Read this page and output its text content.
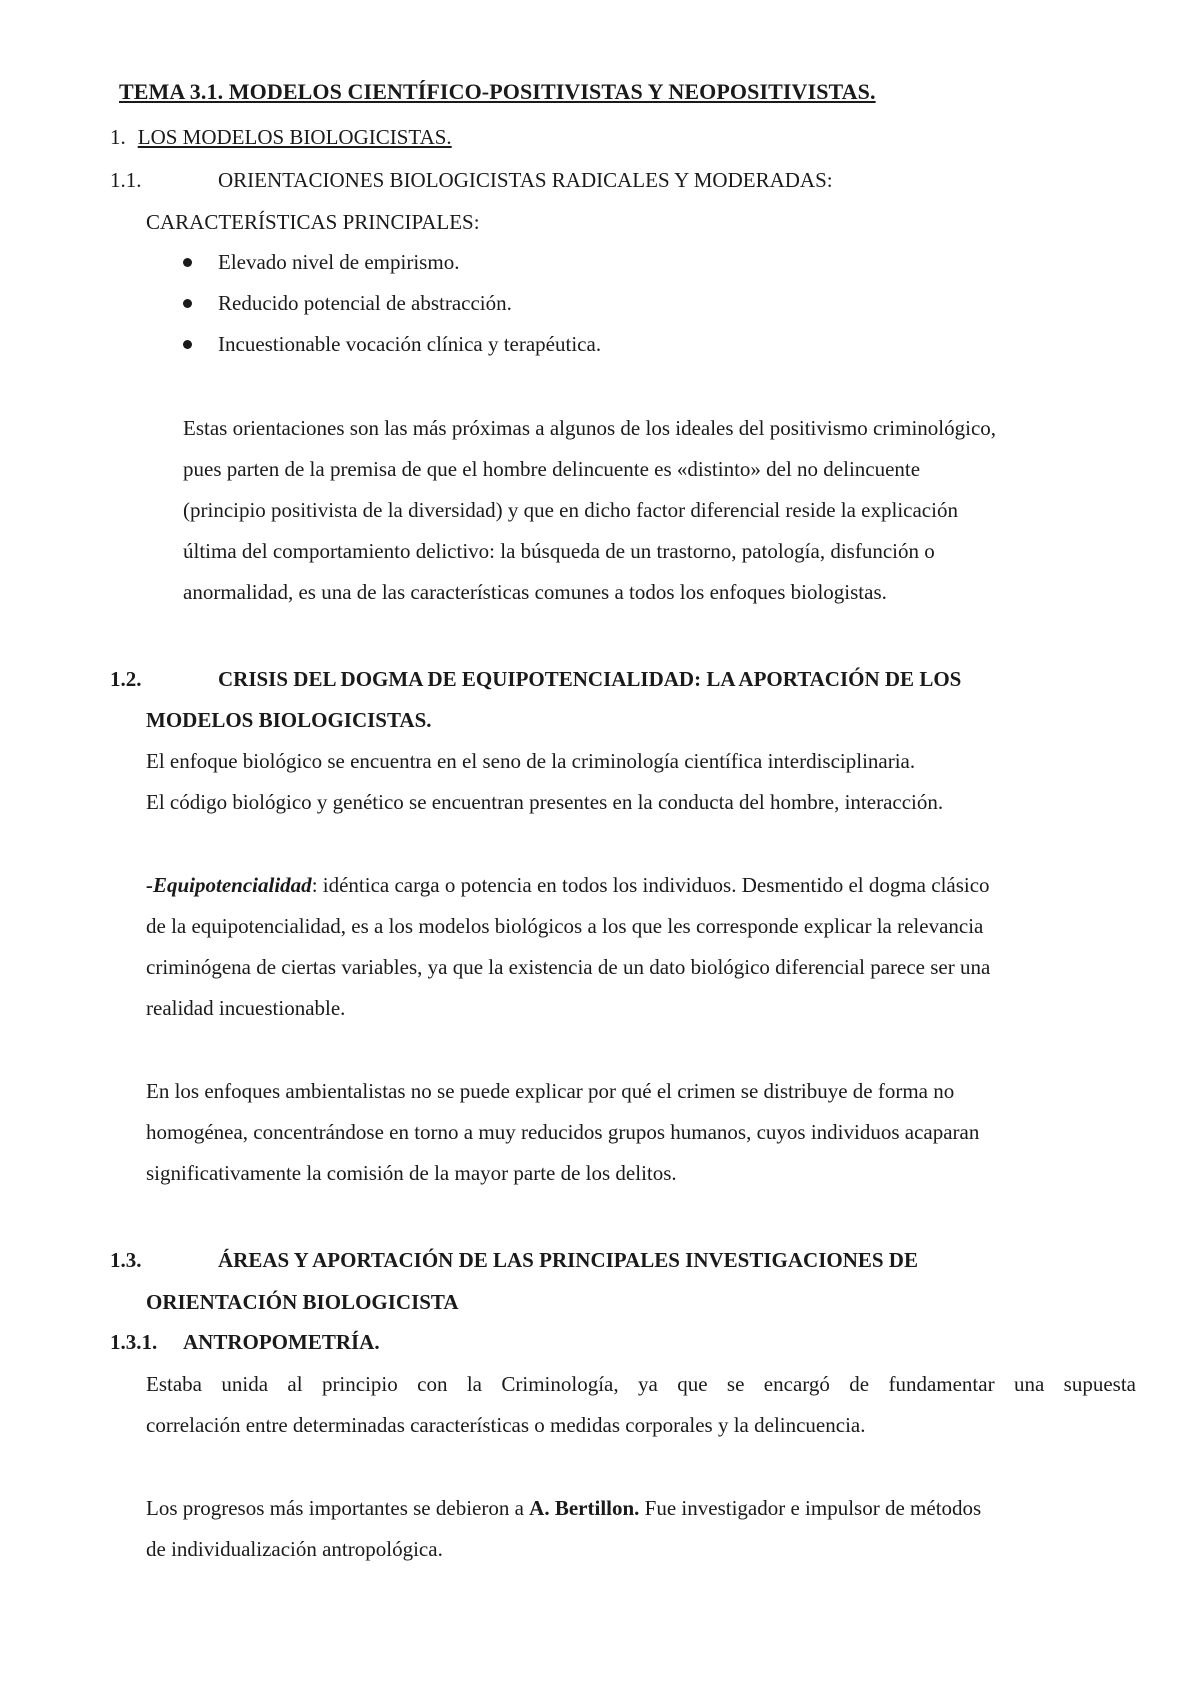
TEMA 3.1. MODELOS CIENTÍFICO-POSITIVISTAS Y NEOPOSITIVISTAS.
1. LOS MODELOS BIOLOGICISTAS.
1.1.	ORIENTACIONES BIOLOGICISTAS RADICALES Y MODERADAS:
CARACTERÍSTICAS PRINCIPALES:
Elevado nivel de empirismo.
Reducido potencial de abstracción.
Incuestionable vocación clínica y terapéutica.
Estas orientaciones son las más próximas a algunos de los ideales del positivismo criminológico,
pues parten de la premisa de que el hombre delincuente es «distinto» del no delincuente
(principio positivista de la diversidad) y que en dicho factor diferencial reside la explicación
última del comportamiento delictivo: la búsqueda de un trastorno, patología, disfunción o
anormalidad, es una de las características comunes a todos los enfoques biologistas.
1.2.	CRISIS DEL DOGMA DE EQUIPOTENCIALIDAD: LA APORTACIÓN DE LOS
MODELOS BIOLOGICISTAS.
El enfoque biológico se encuentra en el seno de la criminología científica interdisciplinaria.
El código biológico y genético se encuentran presentes en la conducta del hombre, interacción.
-Equipotencialidad: idéntica carga o potencia en todos los individuos. Desmentido el dogma clásico
de la equipotencialidad, es a los modelos biológicos a los que les corresponde explicar la relevancia
criminógena de ciertas variables, ya que la existencia de un dato biológico diferencial parece ser una
realidad incuestionable.
En los enfoques ambientalistas no se puede explicar por qué el crimen se distribuye de forma no
homogénea, concentrándose en torno a muy reducidos grupos humanos, cuyos individuos acaparan
significativamente la comisión de la mayor parte de los delitos.
1.3.	ÁREAS Y APORTACIÓN DE LAS PRINCIPALES INVESTIGACIONES DE
ORIENTACIÓN BIOLOGICISTA
1.3.1. ANTROPOMETRÍA.
Estaba unida al principio con la Criminología, ya que se encargó de fundamentar una supuesta
correlación entre determinadas características o medidas corporales y la delincuencia.
Los progresos más importantes se debieron a A. Bertillon. Fue investigador e impulsor de métodos
de individualización antropológica.
